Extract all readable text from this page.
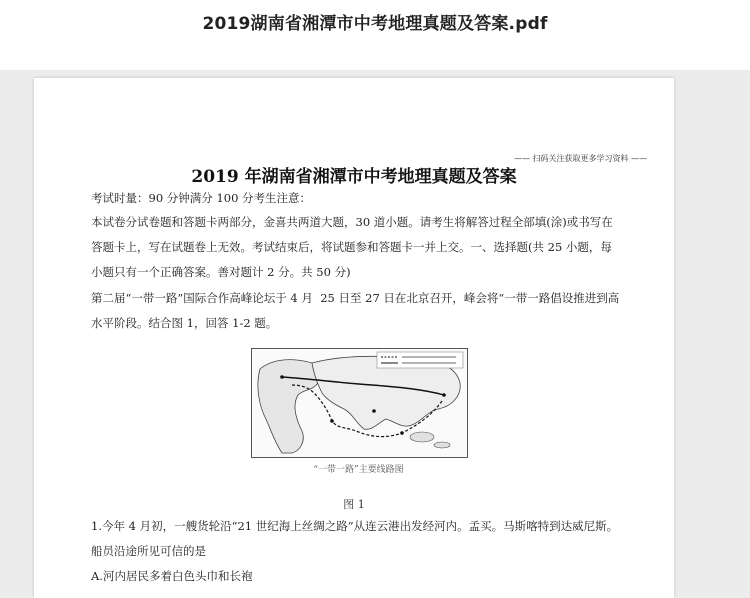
2019湖南省湘潭市中考地理真题及答案.pdf
—— 扫码关注获取更多学习资料 ——
2019 年湖南省湘潭市中考地理真题及答案
考试时量：90 分钟满分 100 分考生注意：
本试卷分试卷题和答题卡两部分，金喜共两道大题，30 道小题。请考生将解答过程全部填(涂)或书写在答题卡上，写在试题卷上无效。考试结束后，将试题参和答题卡一并上交。一、选择题(共 25 小题，每小题只有一个正确答案。善对题计 2 分。共 50 分)
第二届“一带一路”国际合作高峰论坛于 4 月  25 日至 27 日在北京召开，峰会将“一带一路倡设推进到高水平阶段。结合图 1，回答 1-2 题。
“一带一路”主要线路图
图 1
1.今年 4 月初，一艘货轮沿“21 世纪海上丝绸之路”从连云港出发经河内。孟买。马斯喀特到达威尼斯。船员沿途所见可信的是
A.河内居民多着白色头巾和长袍
